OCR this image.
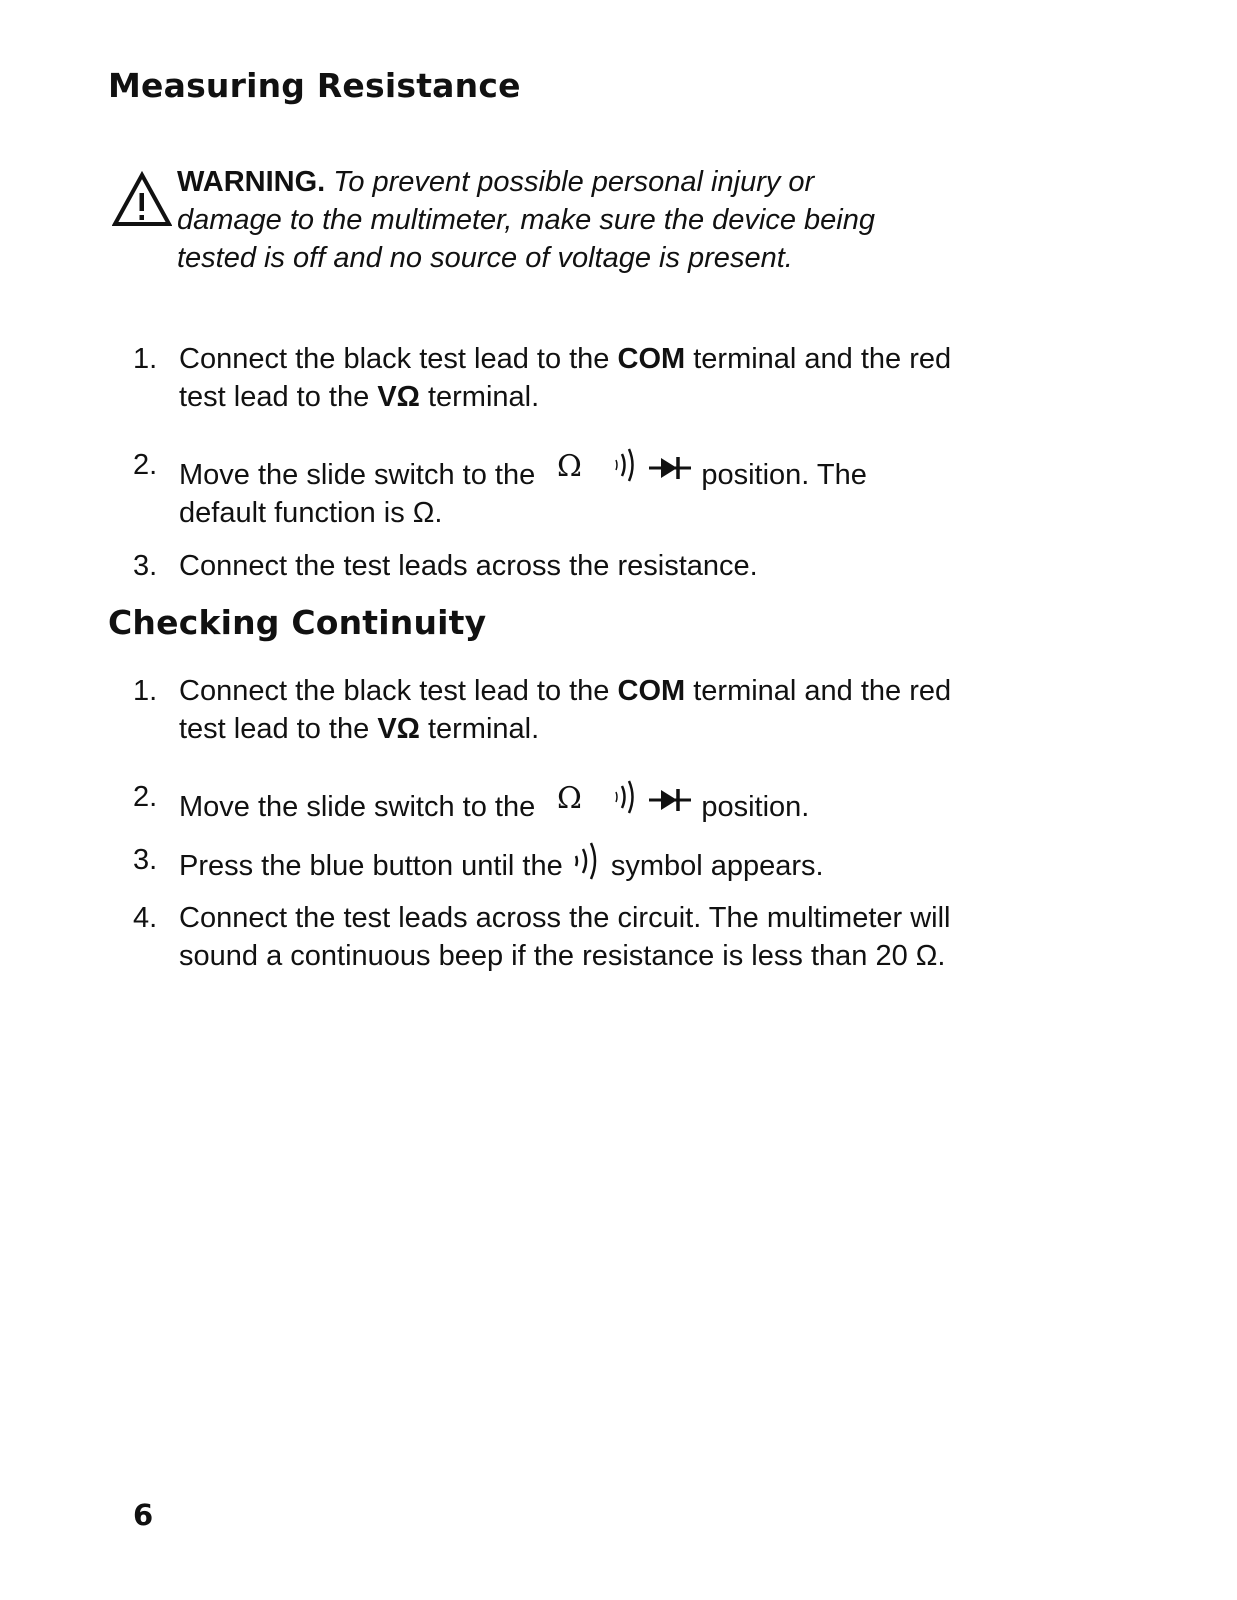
Measuring Resistance
WARNING. To prevent possible personal injury or damage to the multimeter, make sure the device being tested is off and no source of voltage is present.
1. Connect the black test lead to the COM terminal and the red test lead to the VΩ terminal.
2. Move the slide switch to the Ω	position. The default function is Ω.
3. Connect the test leads across the resistance.
Checking Continuity
1. Connect the black test lead to the COM terminal and the red test lead to the VΩ terminal.
2. Move the slide switch to the Ω	position.
3. Press the blue button until the
symbol appears.
4. Connect the test leads across the circuit. The multimeter will sound a continuous beep if the resistance is less than 20 Ω.
6
